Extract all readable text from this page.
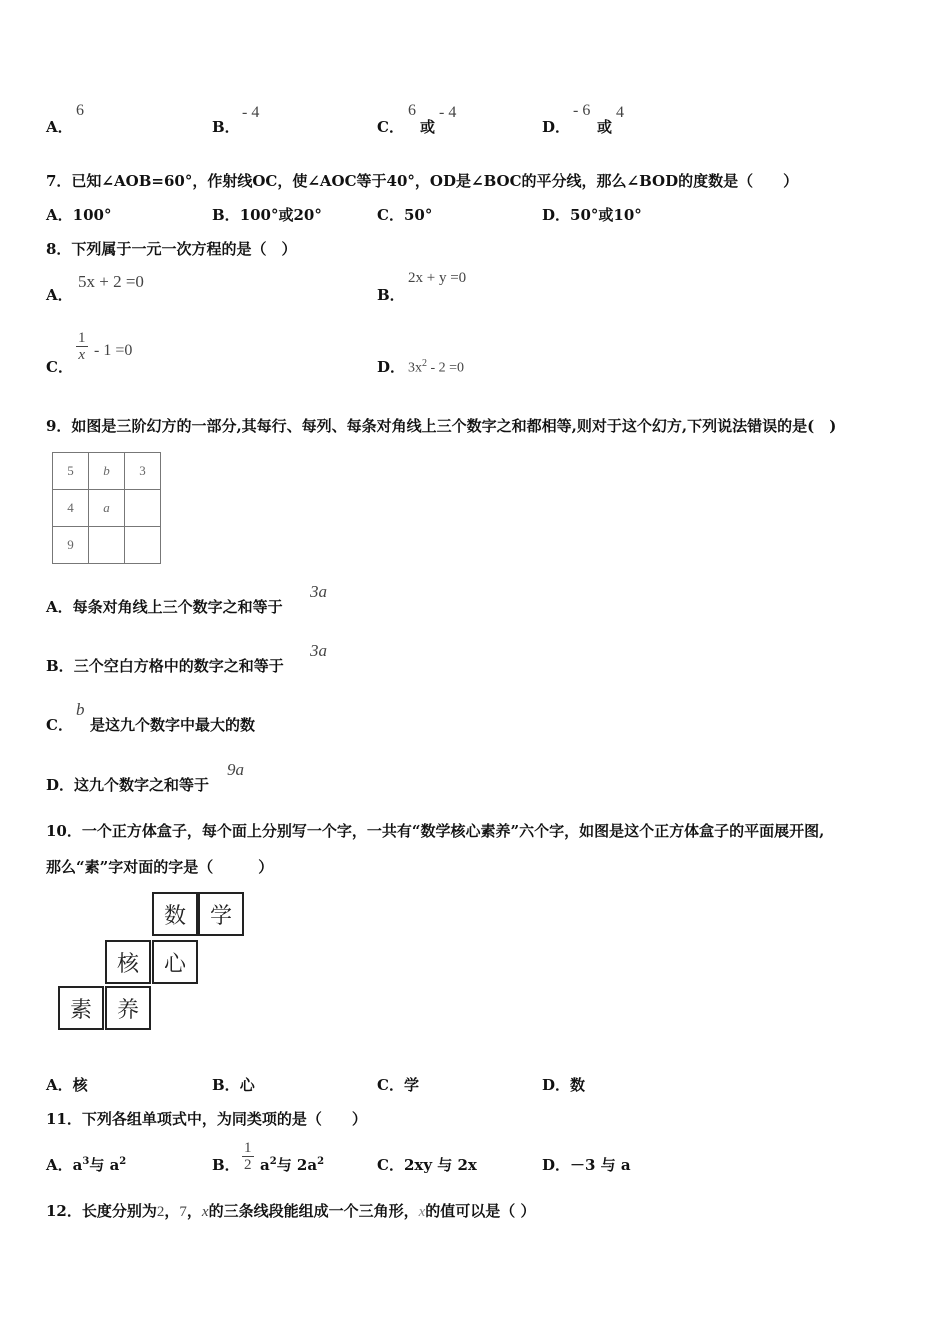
A．
6
B．
- 4
C．
6
或
- 4
D．
- 6
或
4
7．已知∠AOB=60°，作射线OC，使∠AOC等于40°，OD是∠BOC的平分线，那么∠BOD的度数是（　　）
A．100°	B．100°或20°	C．50°	D．50°或10°
8．下列属于一元一次方程的是（　）
A．
5x + 2 =0
B．
2x + y =0
C．
$\frac{1}{x} - 1 =0$
D． $3x^2 - 2 =0$
9．如图是三阶幻方的一部分,其每行、每列、每条对角线上三个数字之和都相等,则对于这个幻方,下列说法错误的是(　)
5	b	3
4	a	
9		
A．每条对角线上三个数字之和等于
3a
B．三个空白方格中的数字之和等于
3a
C．
b
是这九个数字中最大的数
D．这九个数字之和等于
9a
10．一个正方体盒子，每个面上分别写一个字，一共有“数学核心素养”六个字，如图是这个正方体盒子的平面展开图,
那么“素”字对面的字是（　　　）
数	学
核	心
素	养
A．核	B．心	C．学	D．数
11．下列各组单项式中，为同类项的是（　　）
A．$a^3$与 $a^2$	B． $\frac{1}{2} a^2$与 $2a^2$	C．2xy 与 2x	D．－3 与 a
12．长度分别为2，7，x的三条线段能组成一个三角形，x的值可以是（ ）
